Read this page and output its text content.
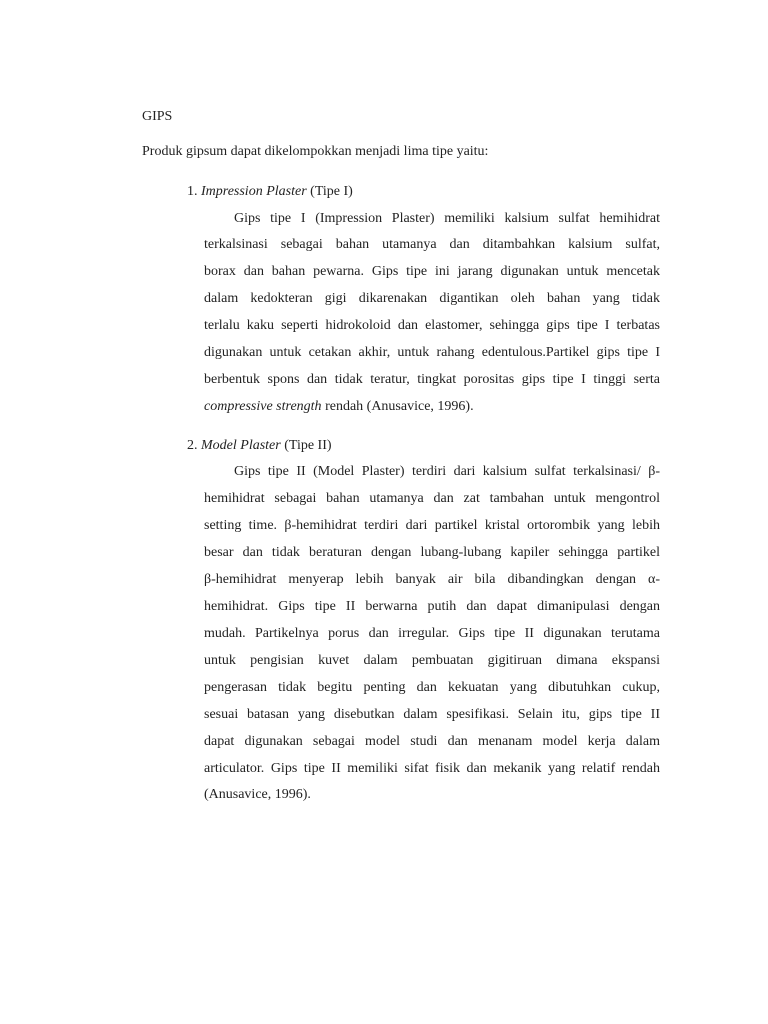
GIPS
Produk gipsum dapat dikelompokkan menjadi lima tipe yaitu:
1. Impression Plaster (Tipe I)
Gips tipe I (Impression Plaster) memiliki kalsium sulfat hemihidrat
terkalsinasi sebagai bahan utamanya dan ditambahkan kalsium sulfat,
borax dan bahan pewarna. Gips tipe ini jarang digunakan untuk mencetak
dalam kedokteran gigi dikarenakan digantikan oleh bahan yang tidak
terlalu kaku seperti hidrokoloid dan elastomer, sehingga gips tipe I terbatas
digunakan untuk cetakan akhir, untuk rahang edentulous.Partikel gips tipe I
berbentuk spons dan tidak teratur, tingkat porositas gips tipe I tinggi serta
compressive strength rendah (Anusavice, 1996).
2. Model Plaster (Tipe II)
Gips tipe II (Model Plaster) terdiri dari kalsium sulfat terkalsinasi/ β-
hemihidrat sebagai bahan utamanya dan zat tambahan untuk mengontrol
setting time. β-hemihidrat terdiri dari partikel kristal ortorombik yang lebih
besar dan tidak beraturan dengan lubang-lubang kapiler sehingga partikel
β-hemihidrat menyerap lebih banyak air bila dibandingkan dengan α-
hemihidrat. Gips tipe II berwarna putih dan dapat dimanipulasi dengan
mudah. Partikelnya porus dan irregular. Gips tipe II digunakan terutama
untuk pengisian kuvet dalam pembuatan gigitiruan dimana ekspansi
pengerasan tidak begitu penting dan kekuatan yang dibutuhkan cukup,
sesuai batasan yang disebutkan dalam spesifikasi. Selain itu, gips tipe II
dapat digunakan sebagai model studi dan menanam model kerja dalam
articulator. Gips tipe II memiliki sifat fisik dan mekanik yang relatif rendah
(Anusavice, 1996).
